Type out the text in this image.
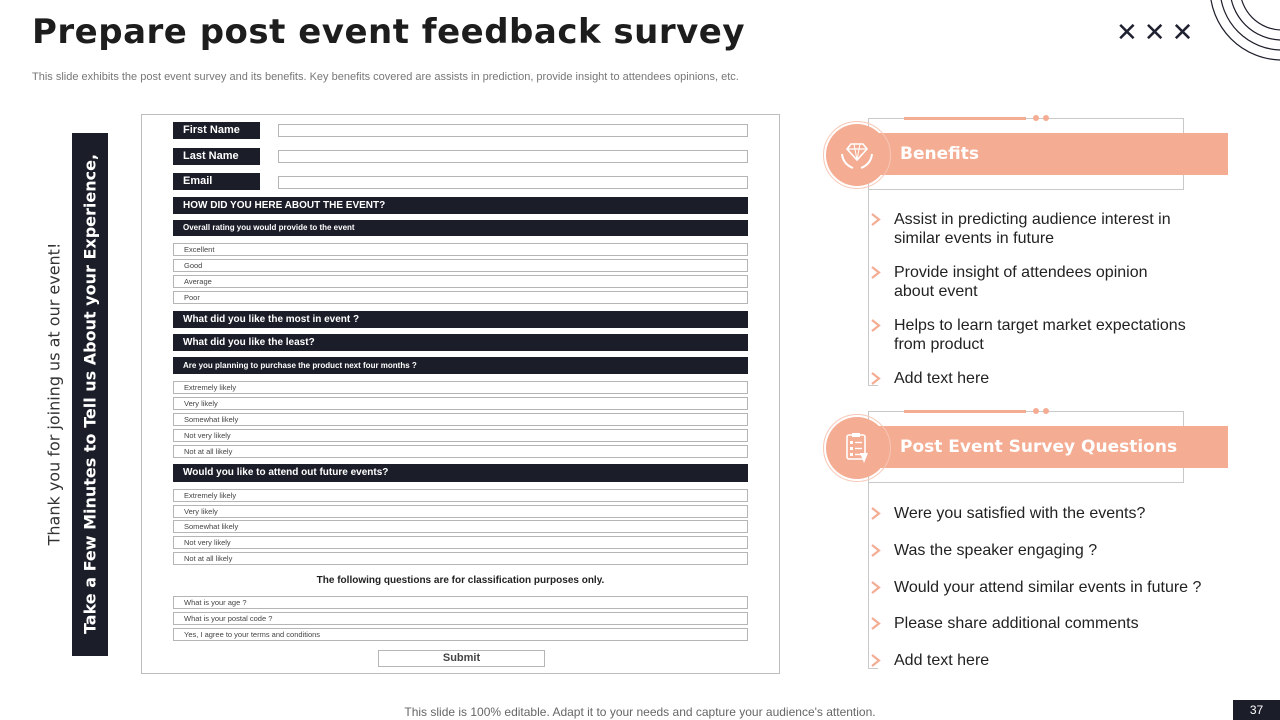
Prepare post event feedback survey
This slide exhibits the post event survey and its benefits. Key benefits covered are assists in prediction, provide insight to attendees opinions, etc.
✕✕✕
Take a Few Minutes to Tell us About your Experience,
Thank you for joining us at our event!
First Name
Last Name
Email
HOW DID YOU HERE ABOUT THE EVENT?
Overall rating you would provide to the event
Excellent
Good
Average
Poor
What did you like the most in event ?
What did you like the least?
Are you planning to purchase the product next four months ?
Extremely likely
Very likely
Somewhat likely
Not very likely
Not at all likely
Would you like to attend out future events?
Extremely likely
Very likely
Somewhat likely
Not very likely
Not at all likely
The following questions are for classification purposes only.
What is your age ?
What is your postal code ?
Yes, I agree to your terms and conditions
Submit
Benefits
Assist in predicting audience interest in similar events in future
Provide insight of attendees opinion about event
Helps to learn target market expectations from product
Add text here
Post Event Survey Questions
Were you satisfied with the events?
Was the speaker engaging ?
Would your attend similar events in future ?
Please share additional comments
Add text here
This slide is 100% editable. Adapt it to your needs and capture your audience's attention.	37
